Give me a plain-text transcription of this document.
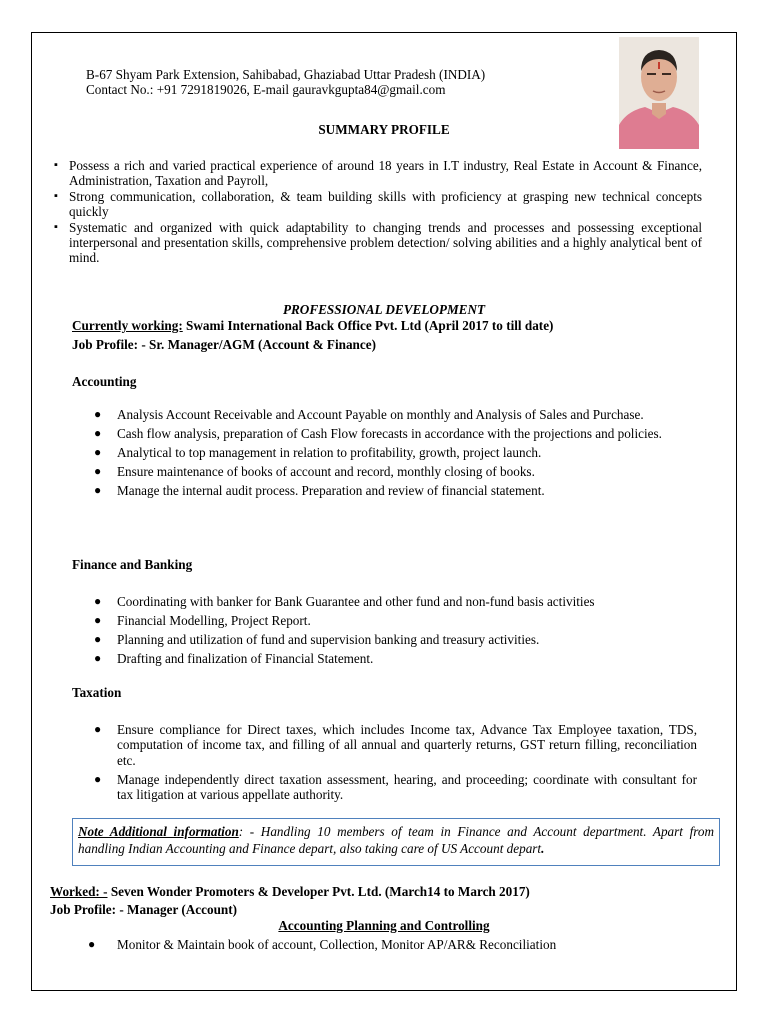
B-67 Shyam Park Extension, Sahibabad, Ghaziabad Uttar Pradesh (INDIA)
Contact No.: +91 7291819026, E-mail gauravkgupta84@gmail.com
SUMMARY PROFILE
▪ Possess a rich and varied practical experience of around 18 years in I.T industry, Real Estate in Account & Finance, Administration, Taxation and Payroll,
▪ Strong communication, collaboration, & team building skills with proficiency at grasping new technical concepts quickly
▪ Systematic and organized with quick adaptability to changing trends and processes and possessing exceptional interpersonal and presentation skills, comprehensive problem detection/ solving abilities and a highly analytical bent of mind.
PROFESSIONAL DEVELOPMENT
Currently working: Swami International Back Office Pvt. Ltd (April 2017 to till date)
Job Profile: - Sr. Manager/AGM (Account & Finance)
Accounting
● Analysis Account Receivable and Account Payable on monthly and Analysis of Sales and Purchase.
● Cash flow analysis, preparation of Cash Flow forecasts in accordance with the projections and policies.
● Analytical to top management in relation to profitability, growth, project launch.
● Ensure maintenance of books of account and record, monthly closing of books.
● Manage the internal audit process. Preparation and review of financial statement.
Finance and Banking
● Coordinating with banker for Bank Guarantee and other fund and non-fund basis activities
● Financial Modelling, Project Report.
● Planning and utilization of fund and supervision banking and treasury activities.
● Drafting and finalization of Financial Statement.
Taxation
● Ensure compliance for Direct taxes, which includes Income tax, Advance Tax Employee taxation, TDS, computation of income tax, and filling of all annual and quarterly returns, GST return filling, reconciliation etc.
● Manage independently direct taxation assessment, hearing, and proceeding; coordinate with consultant for tax litigation at various appellate authority.
Note Additional information: - Handling 10 members of team in Finance and Account department. Apart from handling Indian Accounting and Finance depart, also taking care of US Account depart.
Worked: - Seven Wonder Promoters & Developer Pvt. Ltd. (March14 to March 2017)
Job Profile: - Manager (Account)
Accounting Planning and Controlling
● Monitor & Maintain book of account, Collection, Monitor AP/AR& Reconciliation
